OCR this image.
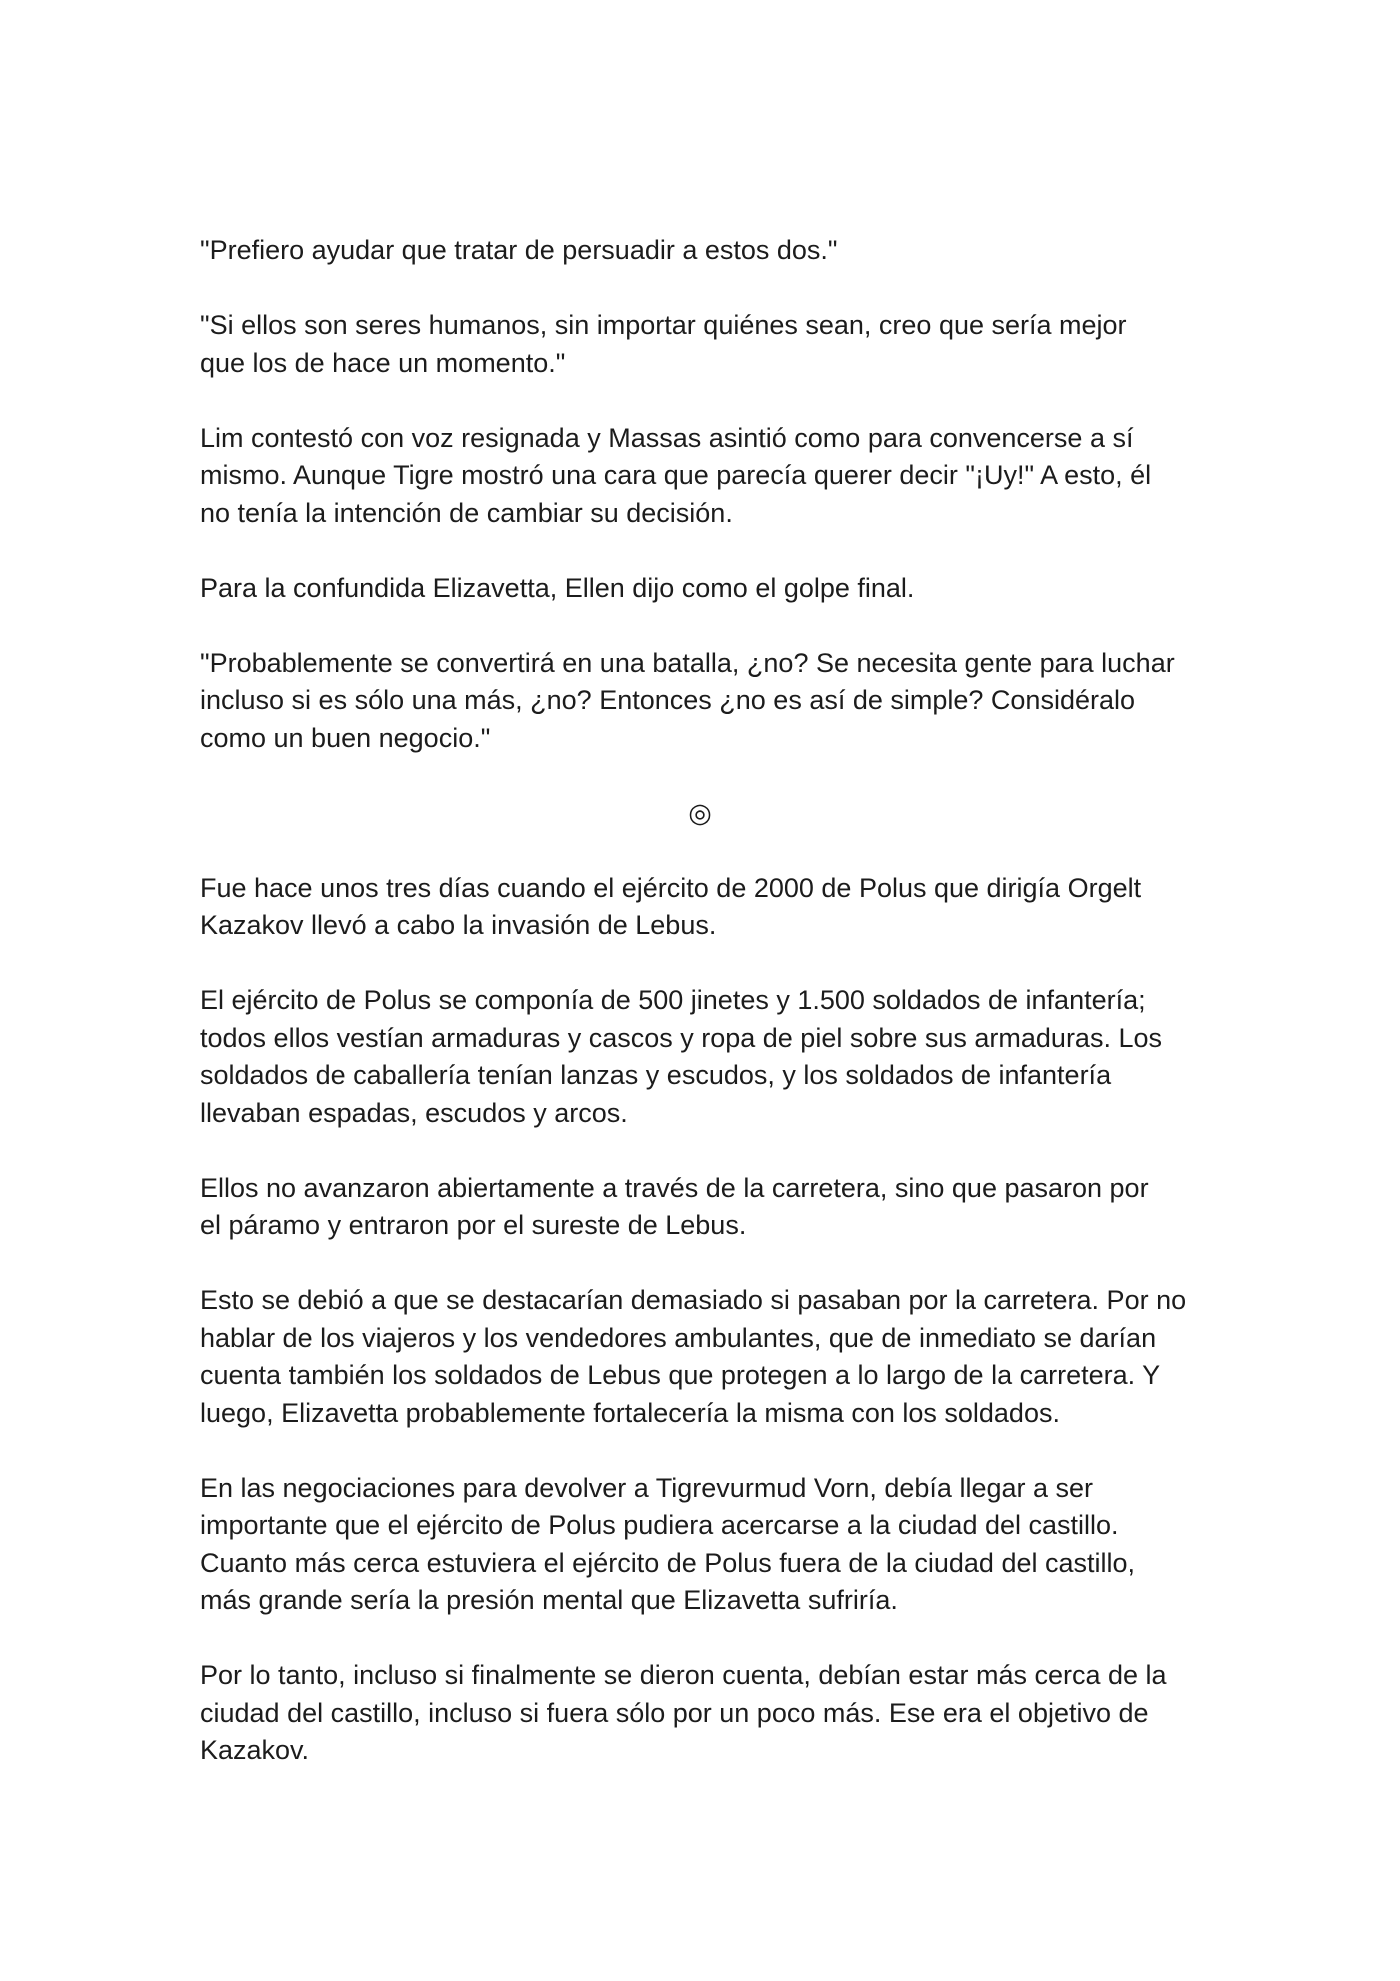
"Prefiero ayudar que tratar de persuadir a estos dos."

"Si ellos son seres humanos, sin importar quiénes sean, creo que sería mejor
que los de hace un momento."

Lim contestó con voz resignada y Massas asintió como para convencerse a sí
mismo. Aunque Tigre mostró una cara que parecía querer decir "¡Uy!" A esto, él
no tenía la intención de cambiar su decisión.

Para la confundida Elizavetta, Ellen dijo como el golpe final.

"Probablemente se convertirá en una batalla, ¿no? Se necesita gente para luchar
incluso si es sólo una más, ¿no? Entonces ¿no es así de simple? Considéralo
como un buen negocio."

◎

Fue hace unos tres días cuando el ejército de 2000 de Polus que dirigía Orgelt
Kazakov llevó a cabo la invasión de Lebus.

El ejército de Polus se componía de 500 jinetes y 1.500 soldados de infantería;
todos ellos vestían armaduras y cascos y ropa de piel sobre sus armaduras. Los
soldados de caballería tenían lanzas y escudos, y los soldados de infantería
llevaban espadas, escudos y arcos.

Ellos no avanzaron abiertamente a través de la carretera, sino que pasaron por
el páramo y entraron por el sureste de Lebus.

Esto se debió a que se destacarían demasiado si pasaban por la carretera. Por no
hablar de los viajeros y los vendedores ambulantes, que de inmediato se darían
cuenta también los soldados de Lebus que protegen a lo largo de la carretera. Y
luego, Elizavetta probablemente fortalecería la misma con los soldados.

En las negociaciones para devolver a Tigrevurmud Vorn, debía llegar a ser
importante que el ejército de Polus pudiera acercarse a la ciudad del castillo.
Cuanto más cerca estuviera el ejército de Polus fuera de la ciudad del castillo,
más grande sería la presión mental que Elizavetta sufriría.

Por lo tanto, incluso si finalmente se dieron cuenta, debían estar más cerca de la
ciudad del castillo, incluso si fuera sólo por un poco más. Ese era el objetivo de
Kazakov.
